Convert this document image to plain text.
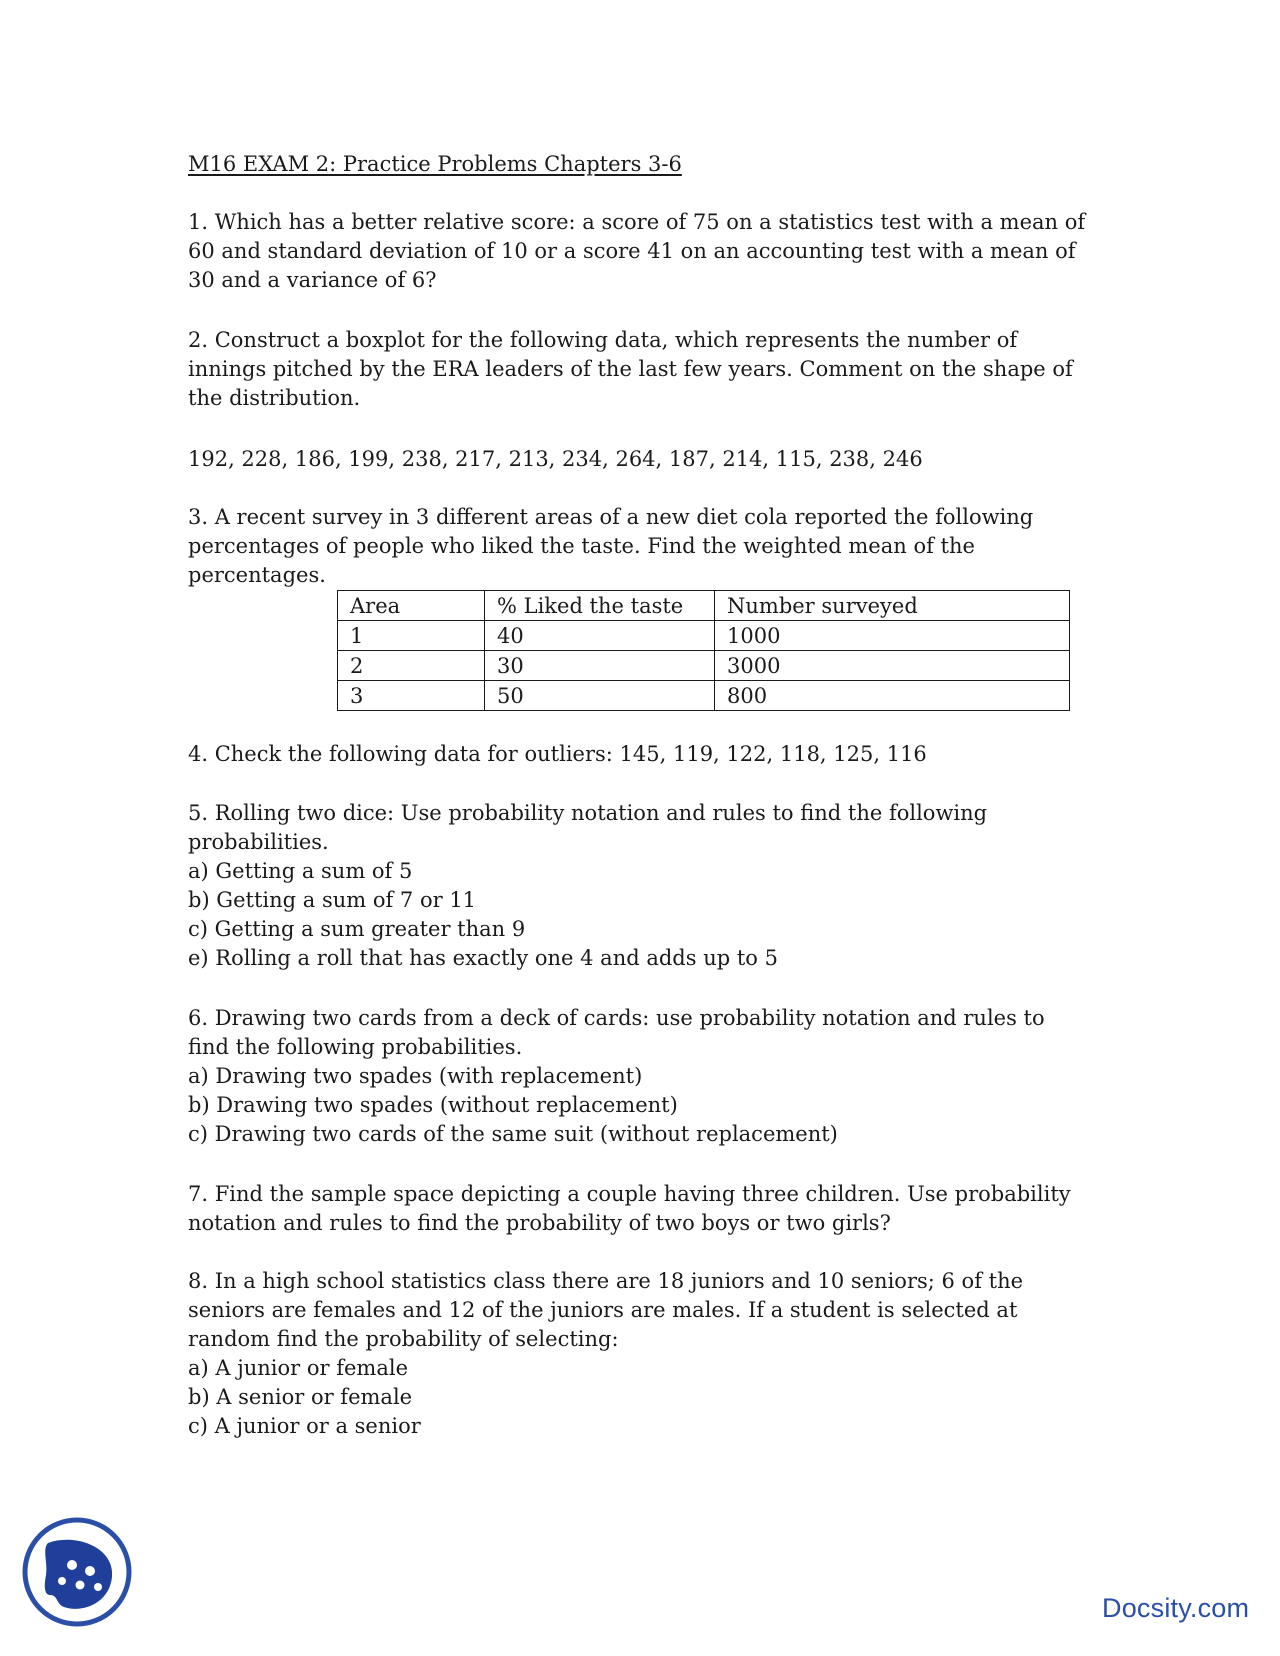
M16 EXAM 2: Practice Problems Chapters 3-6

1. Which has a better relative score: a score of 75 on a statistics test with a mean of

60 and standard deviation of 10 or a score 41 on an accounting test with a mean of

30 and a variance of 6?

2. Construct a boxplot for the following data, which represents the number of

innings pitched by the ERA leaders of the last few years. Comment on the shape of

the distribution.

192, 228, 186, 199, 238, 217, 213, 234, 264, 187, 214, 115, 238, 246

3. A recent survey in 3 different areas of a new diet cola reported the following

percentages of people who liked the taste. Find the weighted mean of the

percentages.

Area	% Liked the taste	Number surveyed
1	40	1000
2	30	3000
3	50	800

4. Check the following data for outliers: 145, 119, 122, 118, 125, 116

5. Rolling two dice: Use probability notation and rules to find the following

probabilities.

a) Getting a sum of 5

b) Getting a sum of 7 or 11

c) Getting a sum greater than 9

e) Rolling a roll that has exactly one 4 and adds up to 5

6. Drawing two cards from a deck of cards: use probability notation and rules to

find the following probabilities.

a) Drawing two spades (with replacement)

b) Drawing two spades (without replacement)

c) Drawing two cards of the same suit (without replacement)

7. Find the sample space depicting a couple having three children. Use probability

notation and rules to find the probability of two boys or two girls?

8. In a high school statistics class there are 18 juniors and 10 seniors; 6 of the

seniors are females and 12 of the juniors are males. If a student is selected at

random find the probability of selecting:

a) A junior or female

b) A senior or female

c) A junior or a senior

Docsity.com
